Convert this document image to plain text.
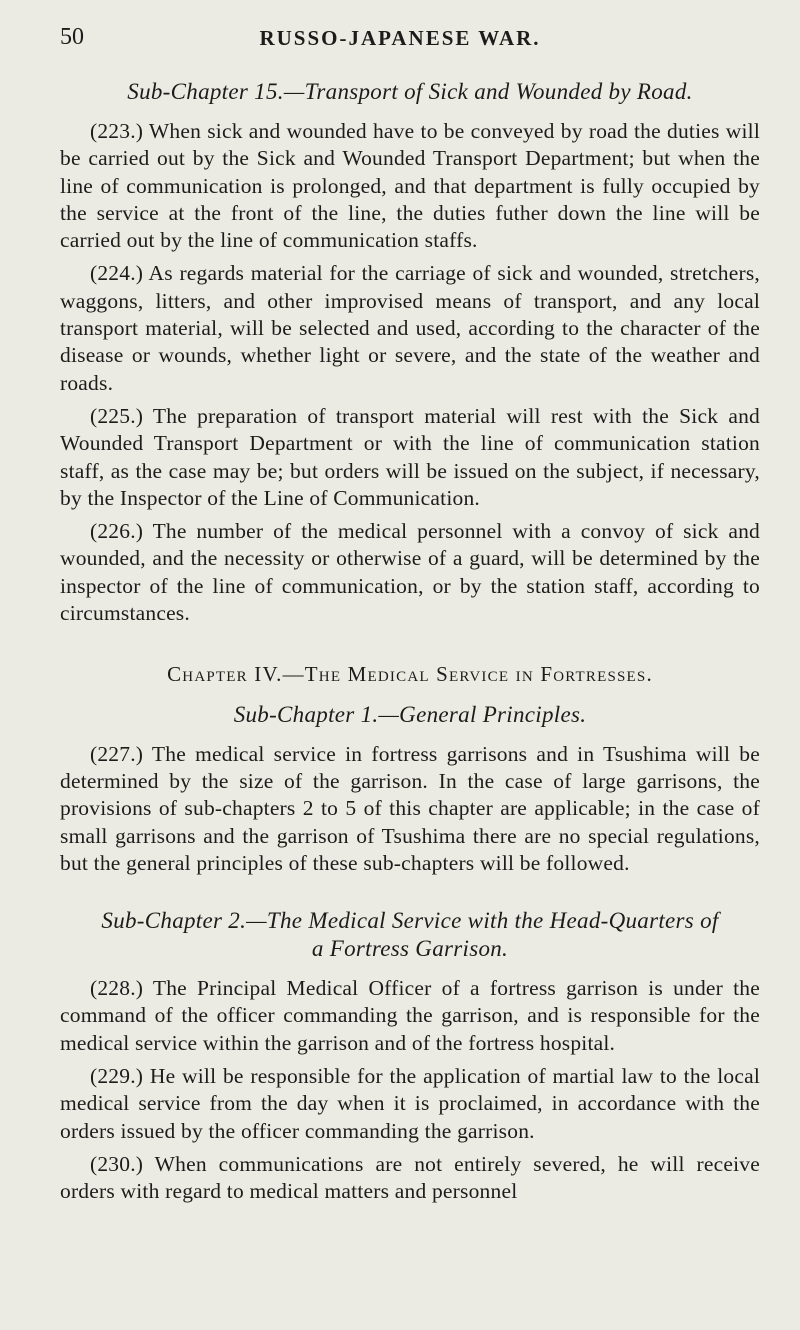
50	RUSSO-JAPANESE WAR.
Sub-Chapter 15.—Transport of Sick and Wounded by Road.

(223.) When sick and wounded have to be conveyed by road the duties will be carried out by the Sick and Wounded Transport Department; but when the line of communication is prolonged, and that department is fully occupied by the service at the front of the line, the duties futher down the line will be carried out by the line of communication staffs.

(224.) As regards material for the carriage of sick and wounded, stretchers, waggons, litters, and other improvised means of transport, and any local transport material, will be selected and used, according to the character of the disease or wounds, whether light or severe, and the state of the weather and roads.

(225.) The preparation of transport material will rest with the Sick and Wounded Transport Department or with the line of communication station staff, as the case may be; but orders will be issued on the subject, if necessary, by the Inspector of the Line of Communication.

(226.) The number of the medical personnel with a convoy of sick and wounded, and the necessity or otherwise of a guard, will be determined by the inspector of the line of communication, or by the station staff, according to circumstances.

Chapter IV.—The Medical Service in Fortresses.
Sub-Chapter 1.—General Principles.

(227.) The medical service in fortress garrisons and in Tsushima will be determined by the size of the garrison. In the case of large garrisons, the provisions of sub-chapters 2 to 5 of this chapter are applicable; in the case of small garrisons and the garrison of Tsushima there are no special regulations, but the general principles of these sub-chapters will be followed.

Sub-Chapter 2.—The Medical Service with the Head-Quarters of
a Fortress Garrison.

(228.) The Principal Medical Officer of a fortress garrison is under the command of the officer commanding the garrison, and is responsible for the medical service within the garrison and of the fortress hospital.

(229.) He will be responsible for the application of martial law to the local medical service from the day when it is proclaimed, in accordance with the orders issued by the officer commanding the garrison.

(230.) When communications are not entirely severed, he will receive orders with regard to medical matters and personnel
